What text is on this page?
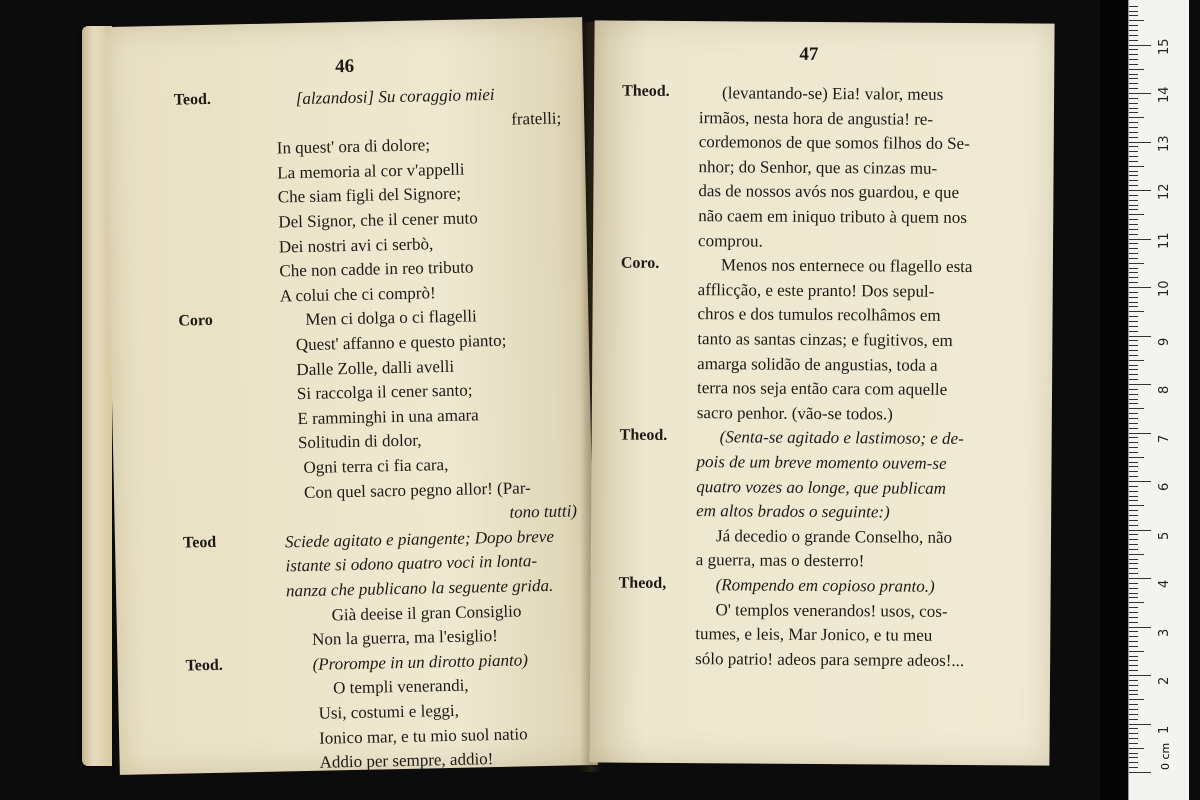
46
Teod.	[alzandosi] Su coraggio miei
fratelli;
In quest' ora di dolore;
La memoria al cor v'appelli
Che siam figli del Signore;
Del Signor, che il cener muto
Dei nostri avi ci serbò,
Che non cadde in reo tributo
A colui che ci comprò!
Coro	Men ci dolga o ci flagelli
Quest' affanno e questo pianto;
Dalle Zolle, dalli avelli
Si raccolga il cener santo;
E ramminghi in una amara
Solitudin di dolor,
Ogni terra ci fia cara,
Con quel sacro pegno allor! (Par-
tono tutti)
Teod	Sciede agitato e piangente; Dopo breve
istante si odono quatro voci in lonta-
nanza che publicano la seguente grida.
Già deeise il gran Consiglio
Non la guerra, ma l'esiglio!
Teod.	(Prorompe in un dirotto pianto)
O templi venerandi,
Usi, costumi e leggi,
Ionico mar, e tu mio suol natio
Addio per sempre, addio!
47
Theod.	(levantando-se) Eia! valor, meus
irmãos, nesta hora de angustia! re-
cordemonos de que somos filhos do Se-
nhor; do Senhor, que as cinzas mu-
das de nossos avós nos guardou, e que
não caem em iniquo tributo à quem nos
comprou.
Coro.	Menos nos enternece ou flagello esta
afflicção, e este pranto! Dos sepul-
chros e dos tumulos recolhâmos em
tanto as santas cinzas; e fugitivos, em
amarga solidão de angustias, toda a
terra nos seja então cara com aquelle
sacro penhor. (vão-se todos.)
Theod.	(Senta-se agitado e lastimoso; e de-
pois de um breve momento ouvem-se
quatro vozes ao longe, que publicam
em altos brados o seguinte:)
Já decedio o grande Conselho, não
a guerra, mas o desterro!
Theod,	(Rompendo em copioso pranto.)
O' templos venerandos! usos, cos-
tumes, e leis, Mar Jonico, e tu meu
sólo patrio! adeos para sempre adeos!...
1
2
3
4
5
6
7
8
9
10
11
12
13
14
15
0 cm
